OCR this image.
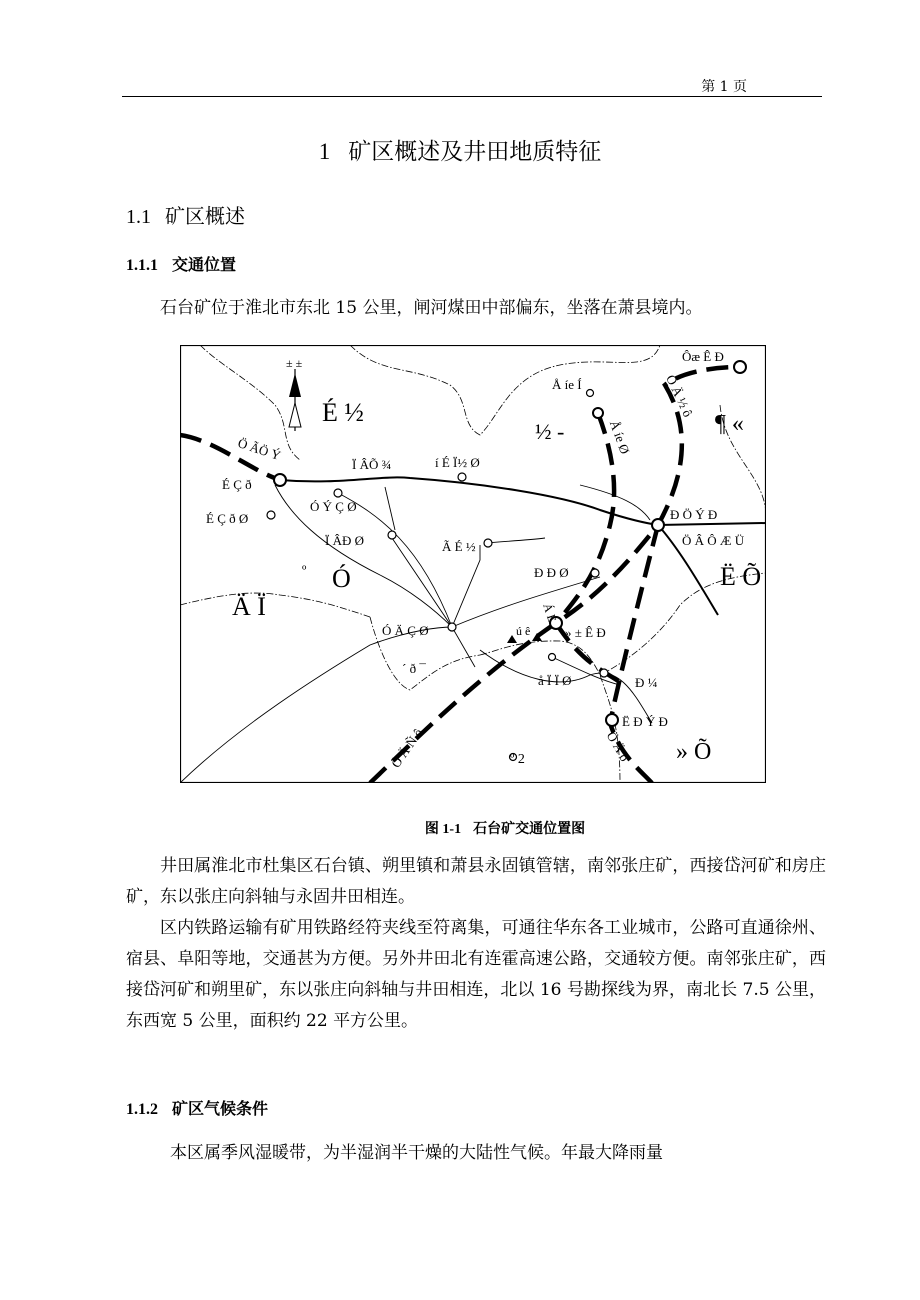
第 1 页
1 矿区概述及井田地质特征
1.1 矿区概述
1.1.1 交通位置
石台矿位于淮北市东北 15 公里，闸河煤田中部偏东，坐落在萧县境内。
± ±	Ôæ Ê Ð
Ö Ä ½ ô
Å íe Í
½ -	Å íe Ø	¶ «
É ½
Ö ÃÖ Ý
Ï ÂÕ ¾	í É Ï½ Ø
É Ç ð
É Ç ð Ø
Ó Ý Ç Ø
Ð Ö Ý Ð
Ö Â Ô Æ Ü
Ï ÂÐ Ø	Ã É ½
º Ó
Ä Ï
Ð Ð Ø	Ë Õ
Ó Ä Ç Ø
Á É
ú ê	» ± Ê Ð
´ ð ¯
å Ï Ï Ø	Ð ¼
Ë Ð Ý Ð
Ö Ä Ñ ô	Ö Ä õ
º 2	» Õ
图 1-1 石台矿交通位置图
井田属淮北市杜集区石台镇、朔里镇和萧县永固镇管辖，南邻张庄矿，西接岱河矿和房庄矿，东以张庄向斜轴与永固井田相连。
区内铁路运输有矿用铁路经符夹线至符离集，可通往华东各工业城市，公路可直通徐州、宿县、阜阳等地，交通甚为方便。另外井田北有连霍高速公路，交通较方便。南邻张庄矿，西接岱河矿和朔里矿，东以张庄向斜轴与井田相连，北以 16 号勘探线为界，南北长 7.5 公里，东西宽 5 公里，面积约 22 平方公里。
1.1.2 矿区气候条件
本区属季风湿暖带，为半湿润半干燥的大陆性气候。年最大降雨量
